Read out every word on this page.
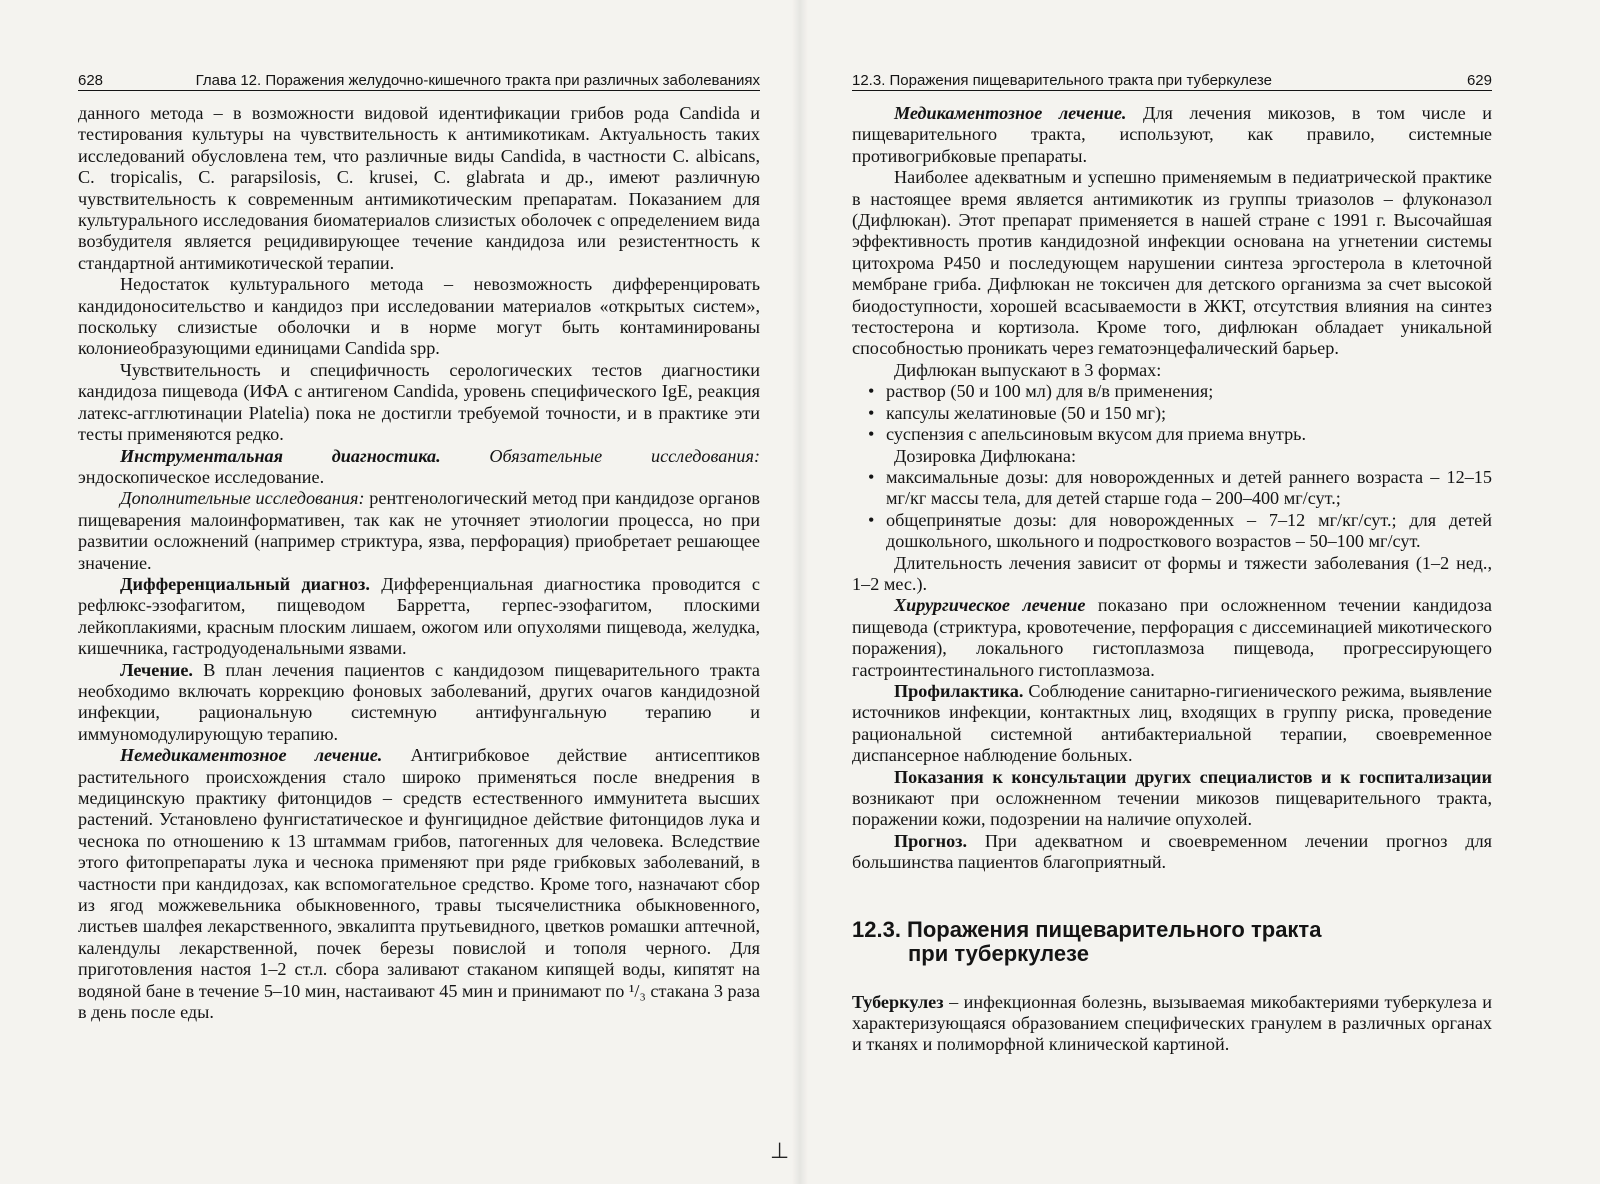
628	Глава 12. Поражения желудочно-кишечного тракта при различных заболеваниях

данного метода – в возможности видовой идентификации грибов рода Candida и тестирования культуры на чувствительность к антимикотикам. Актуальность таких исследований обусловлена тем, что различные виды Candida, в частности C. albicans, C. tropicalis, C. parapsilosis, C. krusei, C. glabrata и др., имеют различную чувствительность к современным антимикотическим препаратам. Показанием для культурального исследования биоматериалов слизистых оболочек с определением вида возбудителя является рецидивирующее течение кандидоза или резистентность к стандартной антимикотической терапии.

Недостаток культурального метода – невозможность дифференцировать кандидоносительство и кандидоз при исследовании материалов «открытых систем», поскольку слизистые оболочки и в норме могут быть контаминированы колониеобразующими единицами Candida spp.

Чувствительность и специфичность серологических тестов диагностики кандидоза пищевода (ИФА с антигеном Candida, уровень специфического IgE, реакция латекс-агглютинации Platelia) пока не достигли требуемой точности, и в практике эти тесты применяются редко.

Инструментальная диагностика.	Обязательные исследования: эндоскопическое исследование.

Дополнительные исследования: рентгенологический метод при кандидозе органов пищеварения малоинформативен, так как не уточняет этиологии процесса, но при развитии осложнений (например стриктура, язва, перфорация) приобретает решающее значение.

Дифференциальный диагноз. Дифференциальная диагностика проводится с рефлюкс-эзофагитом, пищеводом Барретта, герпес-эзофагитом, плоскими лейкоплакиями, красным плоским лишаем, ожогом или опухолями пищевода, желудка, кишечника, гастродуоденальными язвами.

Лечение. В план лечения пациентов с кандидозом пищеварительного тракта необходимо включать коррекцию фоновых заболеваний, других очагов кандидозной инфекции, рациональную системную антифунгальную терапию и иммуномодулирующую терапию.

Немедикаментозное лечение. Антигрибковое действие антисептиков растительного происхождения стало широко применяться после внедрения в медицинскую практику фитонцидов – средств естественного иммунитета высших растений. Установлено фунгистатическое и фунгицидное действие фитонцидов лука и чеснока по отношению к 13 штаммам грибов, патогенных для человека. Вследствие этого фитопрепараты лука и чеснока применяют при ряде грибковых заболеваний, в частности при кандидозах, как вспомогательное средство. Кроме того, назначают сбор из ягод можжевельника обыкновенного, травы тысячелистника обыкновенного, листьев шалфея лекарственного, эвкалипта прутьевидного, цветков ромашки аптечной, календулы лекарственной, почек березы повислой и тополя черного. Для приготовления настоя 1–2 ст.л. сбора заливают стаканом кипящей воды, кипятят на водяной бане в течение 5–10 мин, настаивают 45 мин и принимают по ¹/₃ стакана 3 раза в день после еды.

12.3. Поражения пищеварительного тракта при туберкулезе	629

Медикаментозное лечение. Для лечения микозов, в том числе и пищеварительного тракта, используют, как правило, системные противогрибковые препараты.

Наиболее адекватным и успешно применяемым в педиатрической практике в настоящее время является антимикотик из группы триазолов – флуконазол (Дифлюкан). Этот препарат применяется в нашей стране с 1991 г. Высочайшая эффективность против кандидозной инфекции основана на угнетении системы цитохрома P450 и последующем нарушении синтеза эргостерола в клеточной мембране гриба. Дифлюкан не токсичен для детского организма за счет высокой биодоступности, хорошей всасываемости в ЖКТ, отсутствия влияния на синтез тестостерона и кортизола. Кроме того, дифлюкан обладает уникальной способностью проникать через гематоэнцефалический барьер.

Дифлюкан выпускают в 3 формах:

• раствор (50 и 100 мл) для в/в применения;
• капсулы желатиновые (50 и 150 мг);
• суспензия с апельсиновым вкусом для приема внутрь.

Дозировка Дифлюкана:

• максимальные дозы: для новорожденных и детей раннего возраста – 12–15 мг/кг массы тела, для детей старше года – 200–400 мг/сут.;
• общепринятые дозы: для новорожденных – 7–12 мг/кг/сут.; для детей дошкольного, школьного и подросткового возрастов – 50–100 мг/сут.

Длительность лечения зависит от формы и тяжести заболевания (1–2 нед., 1–2 мес.).

Хирургическое лечение показано при осложненном течении кандидоза пищевода (стриктура, кровотечение, перфорация с диссеминацией микотического поражения), локального гистоплазмоза пищевода, прогрессирующего гастроинтестинального гистоплазмоза.

Профилактика. Соблюдение санитарно-гигиенического режима, выявление источников инфекции, контактных лиц, входящих в группу риска, проведение рациональной системной антибактериальной терапии, своевременное диспансерное наблюдение больных.

Показания к консультации других специалистов и к госпитализации возникают при осложненном течении микозов пищеварительного тракта, поражении кожи, подозрении на наличие опухолей.

Прогноз. При адекватном и своевременном лечении прогноз для большинства пациентов благоприятный.

12.3. Поражения пищеварительного тракта
при туберкулезе

Туберкулез – инфекционная болезнь, вызываемая микобактериями туберкулеза и характеризующаяся образованием специфических гранулем в различных органах и тканях и полиморфной клинической картиной.

⊥
